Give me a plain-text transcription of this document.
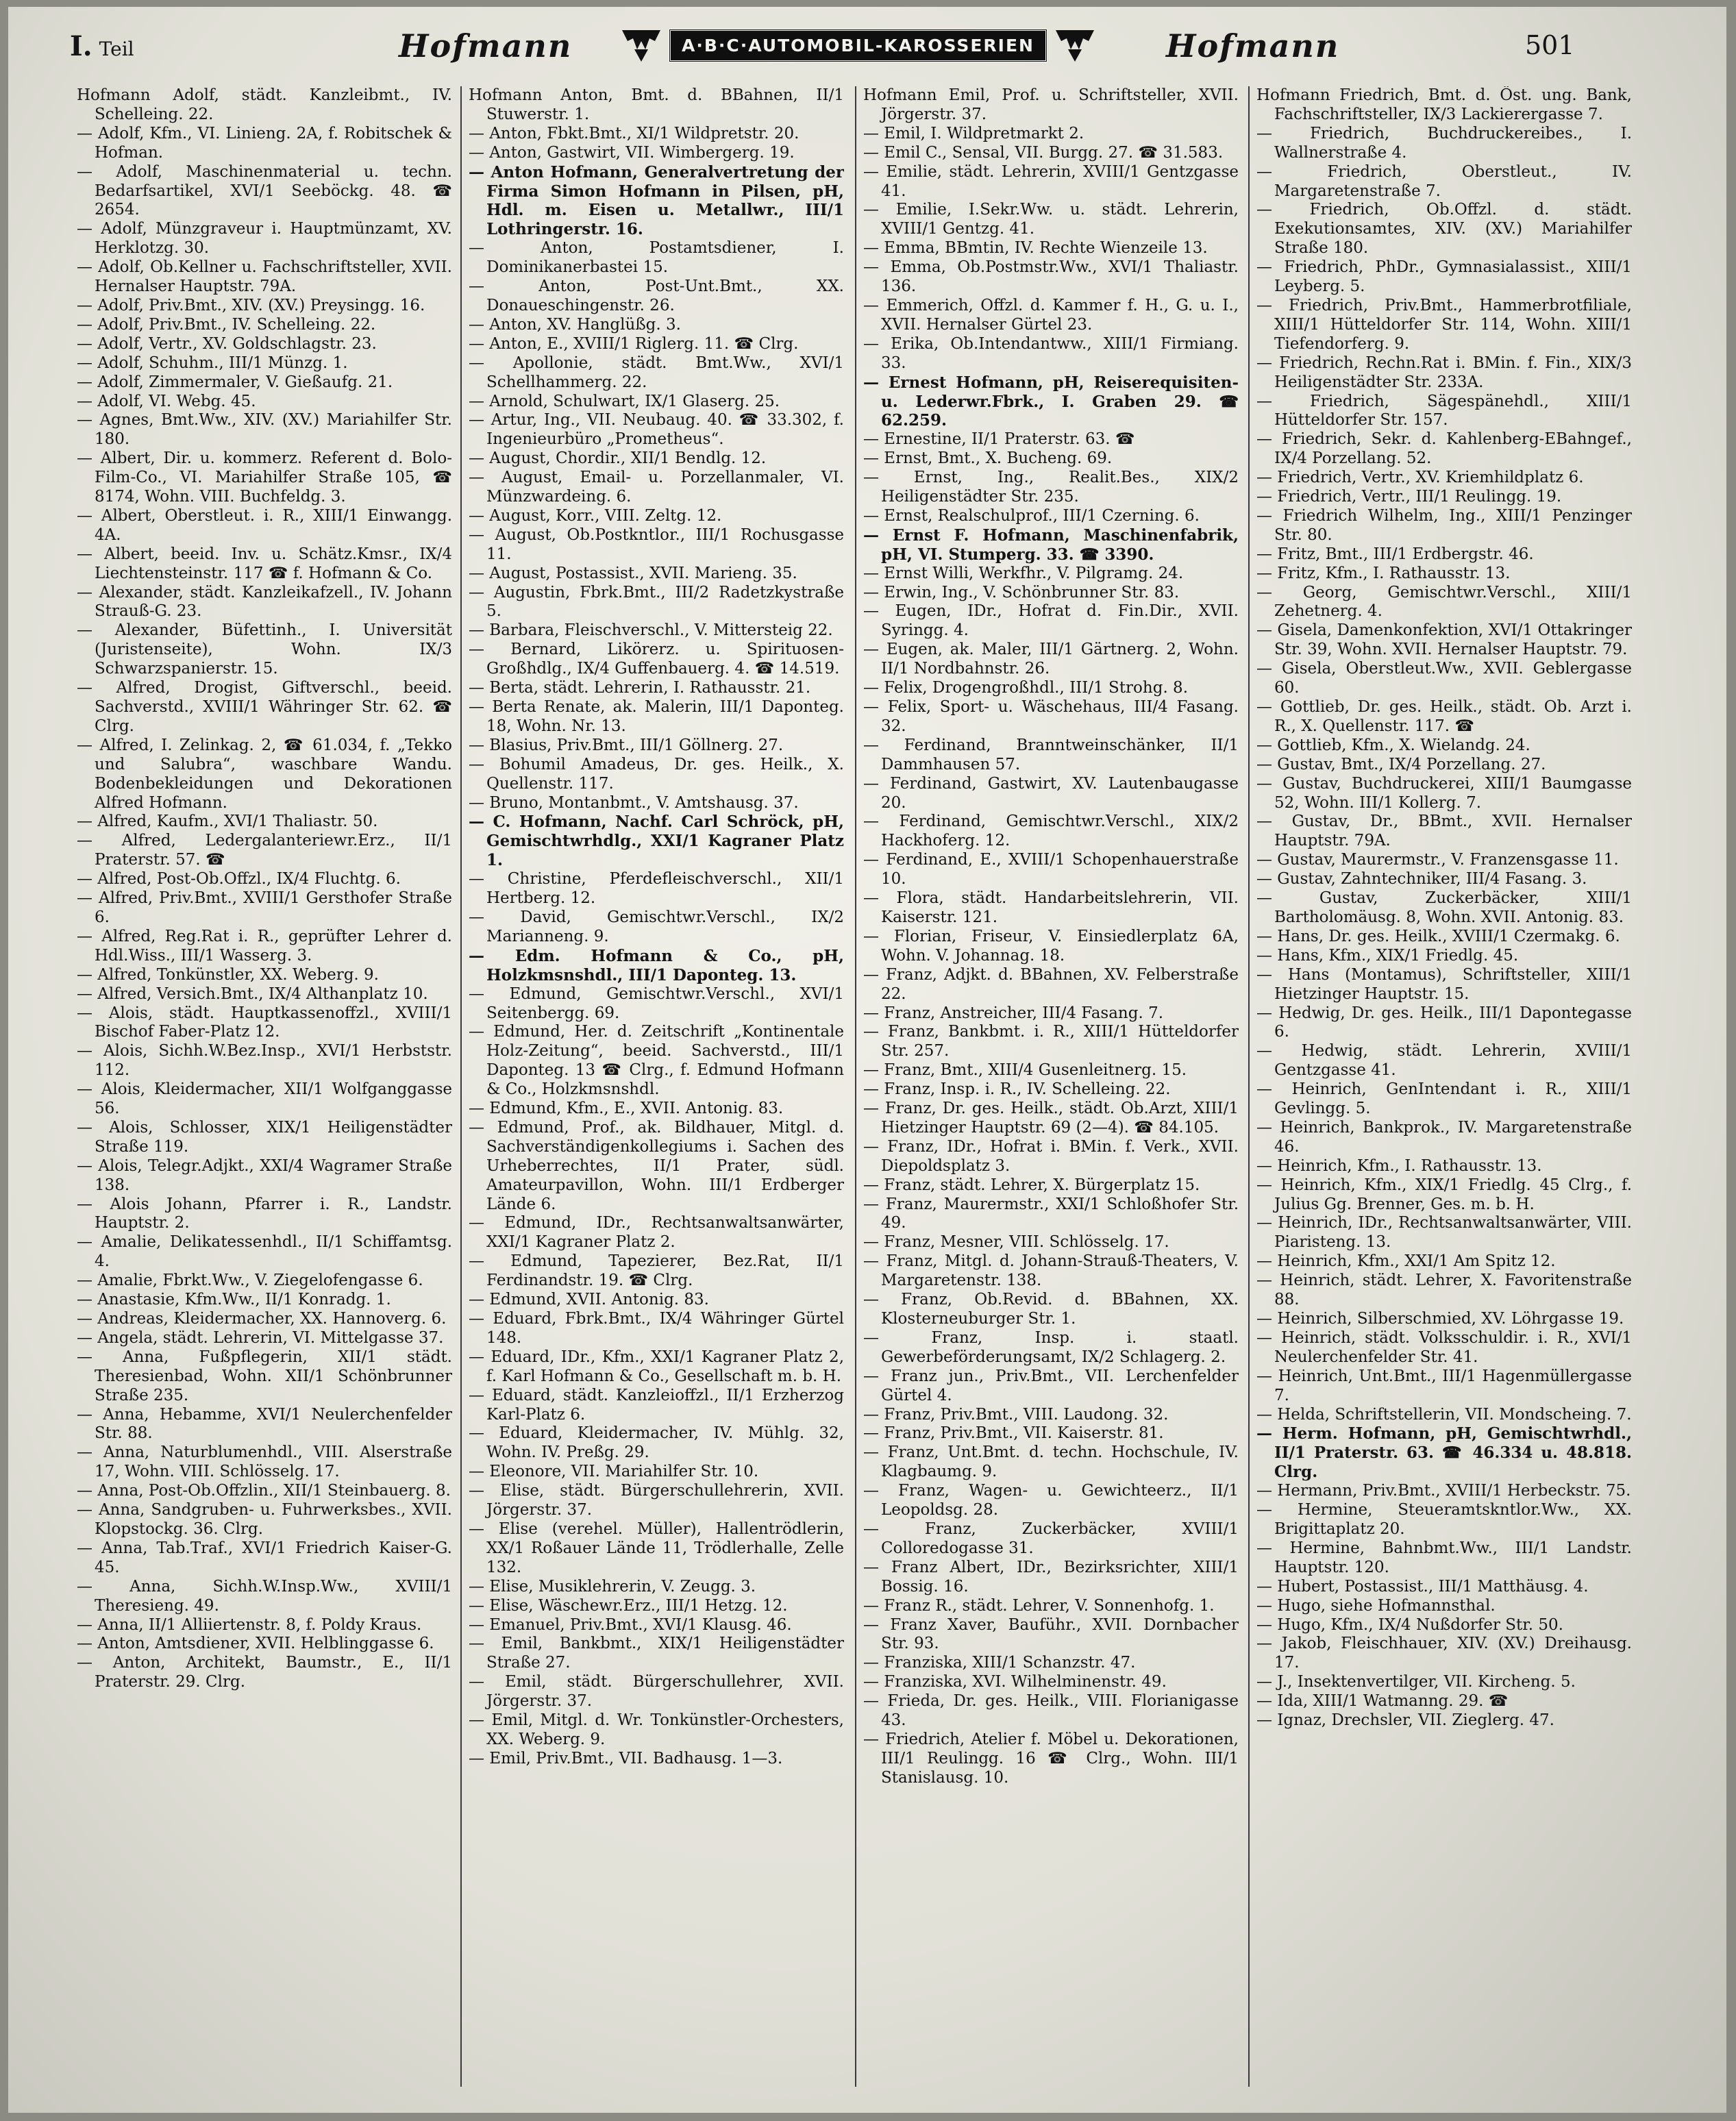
I. Teil	Hofmann	A·B·C·AUTOMOBIL-KAROSSERIEN	Hofmann	501

Hofmann Adolf, städt. Kanzleibmt., IV. Schelleing. 22.

— Adolf, Kfm., VI. Linieng. 2A, f. Robitschek & Hofman.

— Adolf, Maschinenmaterial u. techn. Bedarfsartikel, XVI/1 Seeböckg. 48. ☎ 2654.

— Adolf, Münzgraveur i. Hauptmünzamt, XV. Herklotzg. 30.

— Adolf, Ob.Kellner u. Fachschriftsteller, XVII. Hernalser Hauptstr. 79A.

— Adolf, Priv.Bmt., XIV. (XV.) Preysingg. 16.

— Adolf, Priv.Bmt., IV. Schelleing. 22.

— Adolf, Vertr., XV. Goldschlagstr. 23.

— Adolf, Schuhm., III/1 Münzg. 1.

— Adolf, Zimmermaler, V. Gießaufg. 21.

— Adolf, VI. Webg. 45.

— Agnes, Bmt.Ww., XIV. (XV.) Mariahilfer Str. 180.

— Albert, Dir. u. kommerz. Referent d. Bolo-Film-Co., VI. Mariahilfer Straße 105, ☎ 8174, Wohn. VIII. Buchfeldg. 3.

— Albert, Oberstleut. i. R., XIII/1 Einwangg. 4A.

— Albert, beeid. Inv. u. Schätz.Kmsr., IX/4 Liechtensteinstr. 117 ☎ f. Hofmann & Co.

— Alexander, städt. Kanzleikafzell., IV. Johann Strauß-G. 23.

— Alexander, Büfettinh., I. Universität (Juristenseite), Wohn. IX/3 Schwarzspanierstr. 15.

— Alfred, Drogist, Giftverschl., beeid. Sachverstd., XVIII/1 Währinger Str. 62. ☎ Clrg.

— Alfred, I. Zelinkag. 2, ☎ 61.034, f. „Tekko und Salubra“, waschbare Wandu. Bodenbekleidungen und Dekorationen Alfred Hofmann.

— Alfred, Kaufm., XVI/1 Thaliastr. 50.

— Alfred, Ledergalanteriewr.Erz., II/1 Praterstr. 57. ☎

— Alfred, Post-Ob.Offzl., IX/4 Fluchtg. 6.

— Alfred, Priv.Bmt., XVIII/1 Gersthofer Straße 6.

— Alfred, Reg.Rat i. R., geprüfter Lehrer d. Hdl.Wiss., III/1 Wasserg. 3.

— Alfred, Tonkünstler, XX. Weberg. 9.

— Alfred, Versich.Bmt., IX/4 Althanplatz 10.

— Alois, städt. Hauptkassenoffzl., XVIII/1 Bischof Faber-Platz 12.

— Alois, Sichh.W.Bez.Insp., XVI/1 Herbststr. 112.

— Alois, Kleidermacher, XII/1 Wolfganggasse 56.

— Alois, Schlosser, XIX/1 Heiligenstädter Straße 119.

— Alois, Telegr.Adjkt., XXI/4 Wagramer Straße 138.

— Alois Johann, Pfarrer i. R., Landstr. Hauptstr. 2.

— Amalie, Delikatessenhdl., II/1 Schiffamtsg. 4.

— Amalie, Fbrkt.Ww., V. Ziegelofengasse 6.

— Anastasie, Kfm.Ww., II/1 Konradg. 1.

— Andreas, Kleidermacher, XX. Hannoverg. 6.

— Angela, städt. Lehrerin, VI. Mittelgasse 37.

— Anna, Fußpflegerin, XII/1 städt. Theresienbad, Wohn. XII/1 Schönbrunner Straße 235.

— Anna, Hebamme, XVI/1 Neulerchenfelder Str. 88.

— Anna, Naturblumenhdl., VIII. Alserstraße 17, Wohn. VIII. Schlösselg. 17.

— Anna, Post-Ob.Offzlin., XII/1 Steinbauerg. 8.

— Anna, Sandgruben- u. Fuhrwerksbes., XVII. Klopstockg. 36. Clrg.

— Anna, Tab.Traf., XVI/1 Friedrich Kaiser-G. 45.

— Anna, Sichh.W.Insp.Ww., XVIII/1 Theresieng. 49.

— Anna, II/1 Alliiertenstr. 8, f. Poldy Kraus.

— Anton, Amtsdiener, XVII. Helblinggasse 6.

— Anton, Architekt, Baumstr., E., II/1 Praterstr. 29. Clrg.

Hofmann Anton, Bmt. d. BBahnen, II/1 Stuwerstr. 1.

— Anton, Fbkt.Bmt., XI/1 Wildpretstr. 20.

— Anton, Gastwirt, VII. Wimbergerg. 19.

— Anton Hofmann, Generalvertretung der Firma Simon Hofmann in Pilsen, pH, Hdl. m. Eisen u. Metallwr., III/1 Lothringerstr. 16.

— Anton, Postamtsdiener, I. Dominikanerbastei 15.

— Anton, Post-Unt.Bmt., XX. Donaueschingenstr. 26.

— Anton, XV. Hanglüßg. 3.

— Anton, E., XVIII/1 Riglerg. 11. ☎ Clrg.

— Apollonie, städt. Bmt.Ww., XVI/1 Schellhammerg. 22.

— Arnold, Schulwart, IX/1 Glaserg. 25.

— Artur, Ing., VII. Neubaug. 40. ☎ 33.302, f. Ingenieurbüro „Prometheus“.

— August, Chordir., XII/1 Bendlg. 12.

— August, Email- u. Porzellanmaler, VI. Münzwardeing. 6.

— August, Korr., VIII. Zeltg. 12.

— August, Ob.Postkntlor., III/1 Rochusgasse 11.

— August, Postassist., XVII. Marieng. 35.

— Augustin, Fbrk.Bmt., III/2 Radetzkystraße 5.

— Barbara, Fleischverschl., V. Mittersteig 22.

— Bernard, Likörerz. u. Spirituosen-Großhdlg., IX/4 Guffenbauerg. 4. ☎ 14.519.

— Berta, städt. Lehrerin, I. Rathausstr. 21.

— Berta Renate, ak. Malerin, III/1 Daponteg. 18, Wohn. Nr. 13.

— Blasius, Priv.Bmt., III/1 Göllnerg. 27.

— Bohumil Amadeus, Dr. ges. Heilk., X. Quellenstr. 117.

— Bruno, Montanbmt., V. Amtshausg. 37.

— C. Hofmann, Nachf. Carl Schröck, pH, Gemischtwrhdlg., XXI/1 Kagraner Platz 1.

— Christine, Pferdefleischverschl., XII/1 Hertberg. 12.

— David, Gemischtwr.Verschl., IX/2 Marianneng. 9.

— Edm. Hofmann & Co., pH, Holzkmsnshdl., III/1 Daponteg. 13.

— Edmund, Gemischtwr.Verschl., XVI/1 Seitenbergg. 69.

— Edmund, Her. d. Zeitschrift „Kontinentale Holz-Zeitung“, beeid. Sachverstd., III/1 Daponteg. 13 ☎ Clrg., f. Edmund Hofmann & Co., Holzkmsnshdl.

— Edmund, Kfm., E., XVII. Antonig. 83.

— Edmund, Prof., ak. Bildhauer, Mitgl. d. Sachverständigenkollegiums i. Sachen des Urheberrechtes, II/1 Prater, südl. Amateurpavillon, Wohn. III/1 Erdberger Lände 6.

— Edmund, IDr., Rechtsanwaltsanwärter, XXI/1 Kagraner Platz 2.

— Edmund, Tapezierer, Bez.Rat, II/1 Ferdinandstr. 19. ☎ Clrg.

— Edmund, XVII. Antonig. 83.

— Eduard, Fbrk.Bmt., IX/4 Währinger Gürtel 148.

— Eduard, IDr., Kfm., XXI/1 Kagraner Platz 2, f. Karl Hofmann & Co., Gesellschaft m. b. H.

— Eduard, städt. Kanzleioffzl., II/1 Erzherzog Karl-Platz 6.

— Eduard, Kleidermacher, IV. Mühlg. 32, Wohn. IV. Preßg. 29.

— Eleonore, VII. Mariahilfer Str. 10.

— Elise, städt. Bürgerschullehrerin, XVII. Jörgerstr. 37.

— Elise (verehel. Müller), Hallentrödlerin, XX/1 Roßauer Lände 11, Trödlerhalle, Zelle 132.

— Elise, Musiklehrerin, V. Zeugg. 3.

— Elise, Wäschewr.Erz., III/1 Hetzg. 12.

— Emanuel, Priv.Bmt., XVI/1 Klausg. 46.

— Emil, Bankbmt., XIX/1 Heiligenstädter Straße 27.

— Emil, städt. Bürgerschullehrer, XVII. Jörgerstr. 37.

— Emil, Mitgl. d. Wr. Tonkünstler-Orchesters, XX. Weberg. 9.

— Emil, Priv.Bmt., VII. Badhausg. 1—3.

Hofmann Emil, Prof. u. Schriftsteller, XVII. Jörgerstr. 37.

— Emil, I. Wildpretmarkt 2.

— Emil C., Sensal, VII. Burgg. 27. ☎ 31.583.

— Emilie, städt. Lehrerin, XVIII/1 Gentzgasse 41.

— Emilie, I.Sekr.Ww. u. städt. Lehrerin, XVIII/1 Gentzg. 41.

— Emma, BBmtin, IV. Rechte Wienzeile 13.

— Emma, Ob.Postmstr.Ww., XVI/1 Thaliastr. 136.

— Emmerich, Offzl. d. Kammer f. H., G. u. I., XVII. Hernalser Gürtel 23.

— Erika, Ob.Intendantww., XIII/1 Firmiang. 33.

— Ernest Hofmann, pH, Reiserequisiten- u. Lederwr.Fbrk., I. Graben 29. ☎ 62.259.

— Ernestine, II/1 Praterstr. 63. ☎

— Ernst, Bmt., X. Bucheng. 69.

— Ernst, Ing., Realit.Bes., XIX/2 Heiligenstädter Str. 235.

— Ernst, Realschulprof., III/1 Czerning. 6.

— Ernst F. Hofmann, Maschinenfabrik, pH, VI. Stumperg. 33. ☎ 3390.

— Ernst Willi, Werkfhr., V. Pilgramg. 24.

— Erwin, Ing., V. Schönbrunner Str. 83.

— Eugen, IDr., Hofrat d. Fin.Dir., XVII. Syringg. 4.

— Eugen, ak. Maler, III/1 Gärtnerg. 2, Wohn. II/1 Nordbahnstr. 26.

— Felix, Drogengroßhdl., III/1 Strohg. 8.

— Felix, Sport- u. Wäschehaus, III/4 Fasang. 32.

— Ferdinand, Branntweinschänker, II/1 Dammhausen 57.

— Ferdinand, Gastwirt, XV. Lautenbaugasse 20.

— Ferdinand, Gemischtwr.Verschl., XIX/2 Hackhoferg. 12.

— Ferdinand, E., XVIII/1 Schopenhauerstraße 10.

— Flora, städt. Handarbeitslehrerin, VII. Kaiserstr. 121.

— Florian, Friseur, V. Einsiedlerplatz 6A, Wohn. V. Johannag. 18.

— Franz, Adjkt. d. BBahnen, XV. Felberstraße 22.

— Franz, Anstreicher, III/4 Fasang. 7.

— Franz, Bankbmt. i. R., XIII/1 Hütteldorfer Str. 257.

— Franz, Bmt., XIII/4 Gusenleitnerg. 15.

— Franz, Insp. i. R., IV. Schelleing. 22.

— Franz, Dr. ges. Heilk., städt. Ob.Arzt, XIII/1 Hietzinger Hauptstr. 69 (2—4). ☎ 84.105.

— Franz, IDr., Hofrat i. BMin. f. Verk., XVII. Diepoldsplatz 3.

— Franz, städt. Lehrer, X. Bürgerplatz 15.

— Franz, Maurermstr., XXI/1 Schloßhofer Str. 49.

— Franz, Mesner, VIII. Schlösselg. 17.

— Franz, Mitgl. d. Johann-Strauß-Theaters, V. Margaretenstr. 138.

— Franz, Ob.Revid. d. BBahnen, XX. Klosterneuburger Str. 1.

— Franz, Insp. i. staatl. Gewerbeförderungsamt, IX/2 Schlagerg. 2.

— Franz jun., Priv.Bmt., VII. Lerchenfelder Gürtel 4.

— Franz, Priv.Bmt., VIII. Laudong. 32.

— Franz, Priv.Bmt., VII. Kaiserstr. 81.

— Franz, Unt.Bmt. d. techn. Hochschule, IV. Klagbaumg. 9.

— Franz, Wagen- u. Gewichteerz., II/1 Leopoldsg. 28.

— Franz, Zuckerbäcker, XVIII/1 Colloredogasse 31.

— Franz Albert, IDr., Bezirksrichter, XIII/1 Bossig. 16.

— Franz R., städt. Lehrer, V. Sonnenhofg. 1.

— Franz Xaver, Bauführ., XVII. Dornbacher Str. 93.

— Franziska, XIII/1 Schanzstr. 47.

— Franziska, XVI. Wilhelminenstr. 49.

— Frieda, Dr. ges. Heilk., VIII. Florianigasse 43.

— Friedrich, Atelier f. Möbel u. Dekorationen, III/1 Reulingg. 16 ☎ Clrg., Wohn. III/1 Stanislausg. 10.

Hofmann Friedrich, Bmt. d. Öst. ung. Bank, Fachschriftsteller, IX/3 Lackierergasse 7.

— Friedrich, Buchdruckereibes., I. Wallnerstraße 4.

— Friedrich, Oberstleut., IV. Margaretenstraße 7.

— Friedrich, Ob.Offzl. d. städt. Exekutionsamtes, XIV. (XV.) Mariahilfer Straße 180.

— Friedrich, PhDr., Gymnasialassist., XIII/1 Leyberg. 5.

— Friedrich, Priv.Bmt., Hammerbrotfiliale, XIII/1 Hütteldorfer Str. 114, Wohn. XIII/1 Tiefendorferg. 9.

— Friedrich, Rechn.Rat i. BMin. f. Fin., XIX/3 Heiligenstädter Str. 233A.

— Friedrich, Sägespänehdl., XIII/1 Hütteldorfer Str. 157.

— Friedrich, Sekr. d. Kahlenberg-EBahngef., IX/4 Porzellang. 52.

— Friedrich, Vertr., XV. Kriemhildplatz 6.

— Friedrich, Vertr., III/1 Reulingg. 19.

— Friedrich Wilhelm, Ing., XIII/1 Penzinger Str. 80.

— Fritz, Bmt., III/1 Erdbergstr. 46.

— Fritz, Kfm., I. Rathausstr. 13.

— Georg, Gemischtwr.Verschl., XIII/1 Zehetnerg. 4.

— Gisela, Damenkonfektion, XVI/1 Ottakringer Str. 39, Wohn. XVII. Hernalser Hauptstr. 79.

— Gisela, Oberstleut.Ww., XVII. Geblergasse 60.

— Gottlieb, Dr. ges. Heilk., städt. Ob. Arzt i. R., X. Quellenstr. 117. ☎

— Gottlieb, Kfm., X. Wielandg. 24.

— Gustav, Bmt., IX/4 Porzellang. 27.

— Gustav, Buchdruckerei, XIII/1 Baumgasse 52, Wohn. III/1 Kollerg. 7.

— Gustav, Dr., BBmt., XVII. Hernalser Hauptstr. 79A.

— Gustav, Maurermstr., V. Franzensgasse 11.

— Gustav, Zahntechniker, III/4 Fasang. 3.

— Gustav, Zuckerbäcker, XIII/1 Bartholomäusg. 8, Wohn. XVII. Antonig. 83.

— Hans, Dr. ges. Heilk., XVIII/1 Czermakg. 6.

— Hans, Kfm., XIX/1 Friedlg. 45.

— Hans (Montamus), Schriftsteller, XIII/1 Hietzinger Hauptstr. 15.

— Hedwig, Dr. ges. Heilk., III/1 Dapontegasse 6.

— Hedwig, städt. Lehrerin, XVIII/1 Gentzgasse 41.

— Heinrich, GenIntendant i. R., XIII/1 Gevlingg. 5.

— Heinrich, Bankprok., IV. Margaretenstraße 46.

— Heinrich, Kfm., I. Rathausstr. 13.

— Heinrich, Kfm., XIX/1 Friedlg. 45 Clrg., f. Julius Gg. Brenner, Ges. m. b. H.

— Heinrich, IDr., Rechtsanwaltsanwärter, VIII. Piaristeng. 13.

— Heinrich, Kfm., XXI/1 Am Spitz 12.

— Heinrich, städt. Lehrer, X. Favoritenstraße 88.

— Heinrich, Silberschmied, XV. Löhrgasse 19.

— Heinrich, städt. Volksschuldir. i. R., XVI/1 Neulerchenfelder Str. 41.

— Heinrich, Unt.Bmt., III/1 Hagenmüllergasse 7.

— Helda, Schriftstellerin, VII. Mondscheing. 7.

— Herm. Hofmann, pH, Gemischtwrhdl., II/1 Praterstr. 63. ☎ 46.334 u. 48.818. Clrg.

— Hermann, Priv.Bmt., XVIII/1 Herbeckstr. 75.

— Hermine, Steueramtskntlor.Ww., XX. Brigittaplatz 20.

— Hermine, Bahnbmt.Ww., III/1 Landstr. Hauptstr. 120.

— Hubert, Postassist., III/1 Matthäusg. 4.

— Hugo, siehe Hofmannsthal.

— Hugo, Kfm., IX/4 Nußdorfer Str. 50.

— Jakob, Fleischhauer, XIV. (XV.) Dreihausg. 17.

— J., Insektenvertilger, VII. Kircheng. 5.

— Ida, XIII/1 Watmanng. 29. ☎

— Ignaz, Drechsler, VII. Zieglerg. 47.
